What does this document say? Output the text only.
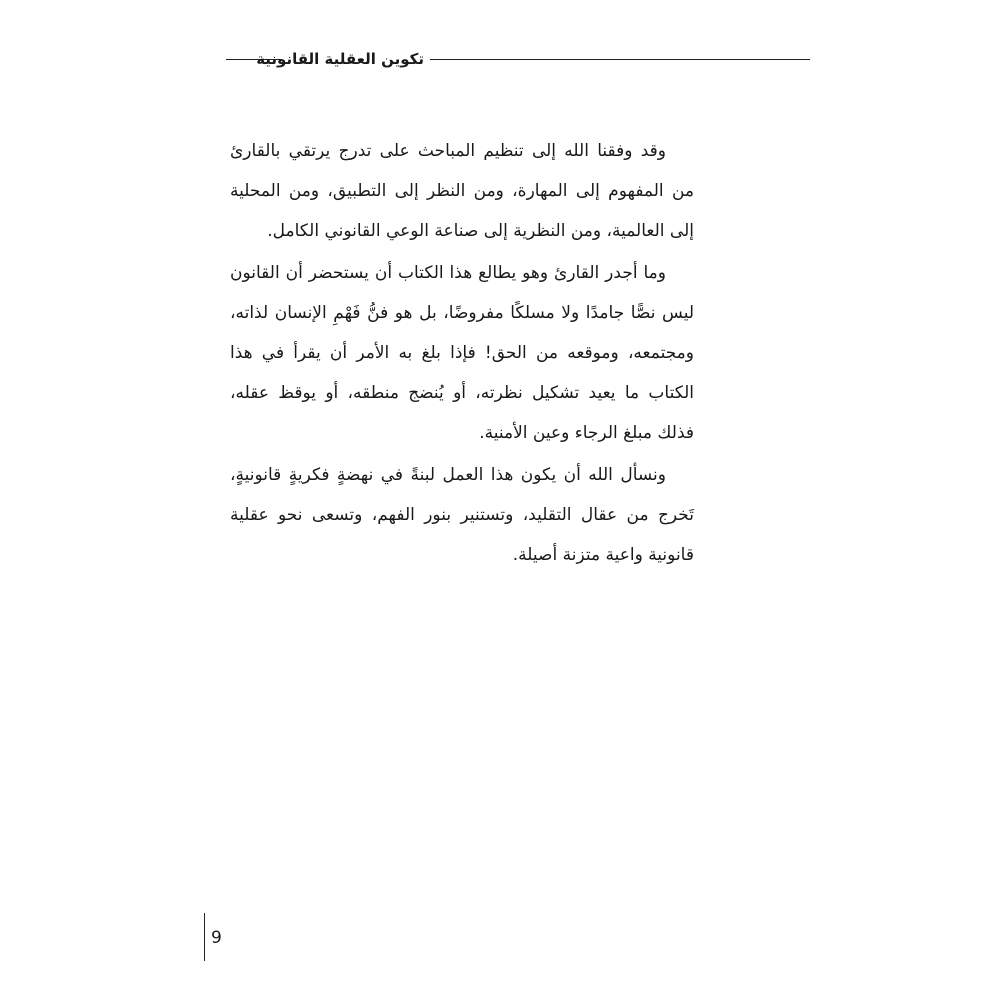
تكوين العقلية القانونية

وقد وفقنا الله إلى تنظيم المباحث على تدرج يرتقي بالقارئ من المفهوم إلى المهارة، ومن النظر إلى التطبيق، ومن المحلية إلى العالمية، ومن النظرية إلى صناعة الوعي القانوني الكامل.

وما أجدر القارئ وهو يطالع هذا الكتاب أن يستحضر أن القانون ليس نصًّا جامدًا ولا مسلكًا مفروضًا، بل هو فنُّ فَهْمِ الإنسان لذاته، ومجتمعه، وموقعه من الحق! فإذا بلغ به الأمر أن يقرأ في هذا الكتاب ما يعيد تشكيل نظرته، أو يُنضج منطقه، أو يوقظ عقله، فذلك مبلغ الرجاء وعين الأمنية.

ونسأل الله أن يكون هذا العمل لبنةً في نهضةٍ فكريةٍ قانونيةٍ، تَخرج من عقال التقليد، وتستنير بنور الفهم، وتسعى نحو عقلية قانونية واعية متزنة أصيلة.

9
